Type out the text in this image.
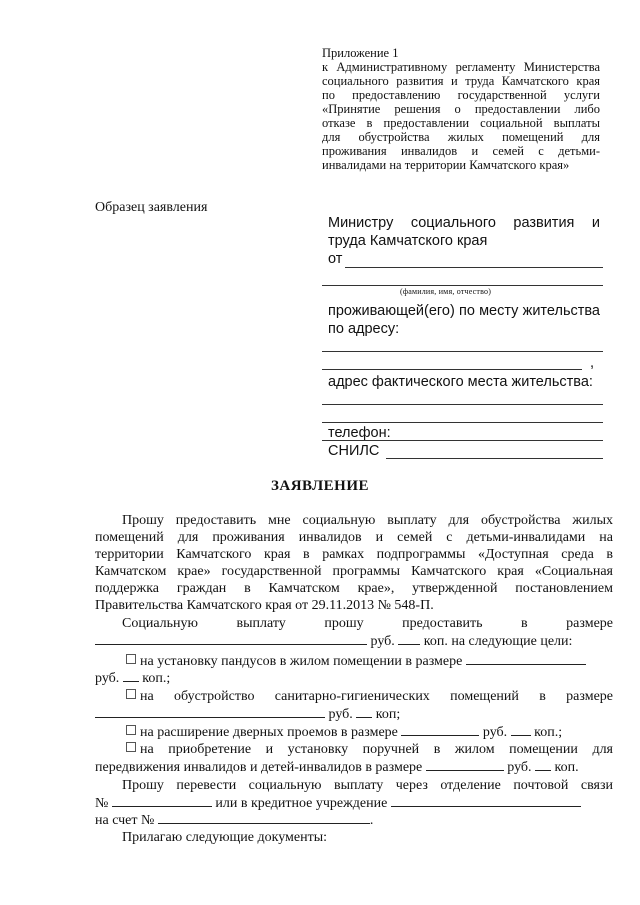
Приложение 1
к Административному регламенту Министерства
социального развития и труда Камчатского края
по предоставлению государственной услуги
«Принятие решения о предоставлении либо
отказе в предоставлении социальной выплаты
для обустройства жилых помещений для
проживания инвалидов и семей с детьми-
инвалидами на территории Камчатского края»
Образец заявления
Министру социального развития и
труда Камчатского края
от
(фамилия, имя, отчество)
проживающей(его) по месту жительства
по адресу:
,
адрес фактического места жительства:
телефон:
СНИЛС
ЗАЯВЛЕНИЕ
Прошу предоставить мне социальную выплату для обустройства жилых
помещений для проживания инвалидов и семей с детьми-инвалидами на
территории Камчатского края в рамках подпрограммы «Доступная среда в
Камчатском крае» государственной программы Камчатского края «Социальная
поддержка граждан в Камчатском крае», утвержденной постановлением
Правительства Камчатского края от 29.11.2013 № 548-П.
Социальную выплату прошу предоставить в размере
руб. коп. на следующие цели:
на установку пандусов в жилом помещении в размере
руб. коп.;
на обустройство санитарно-гигиенических помещений в размере
руб. коп;
на расширение дверных проемов в размере	руб. коп.;
на приобретение и установку поручней в жилом помещении для
передвижения инвалидов и детей-инвалидов в размере	руб. коп.
Прошу перевести социальную выплату через отделение почтовой связи
№	или в кредитное учреждение
на счет №	.
Прилагаю следующие документы:
